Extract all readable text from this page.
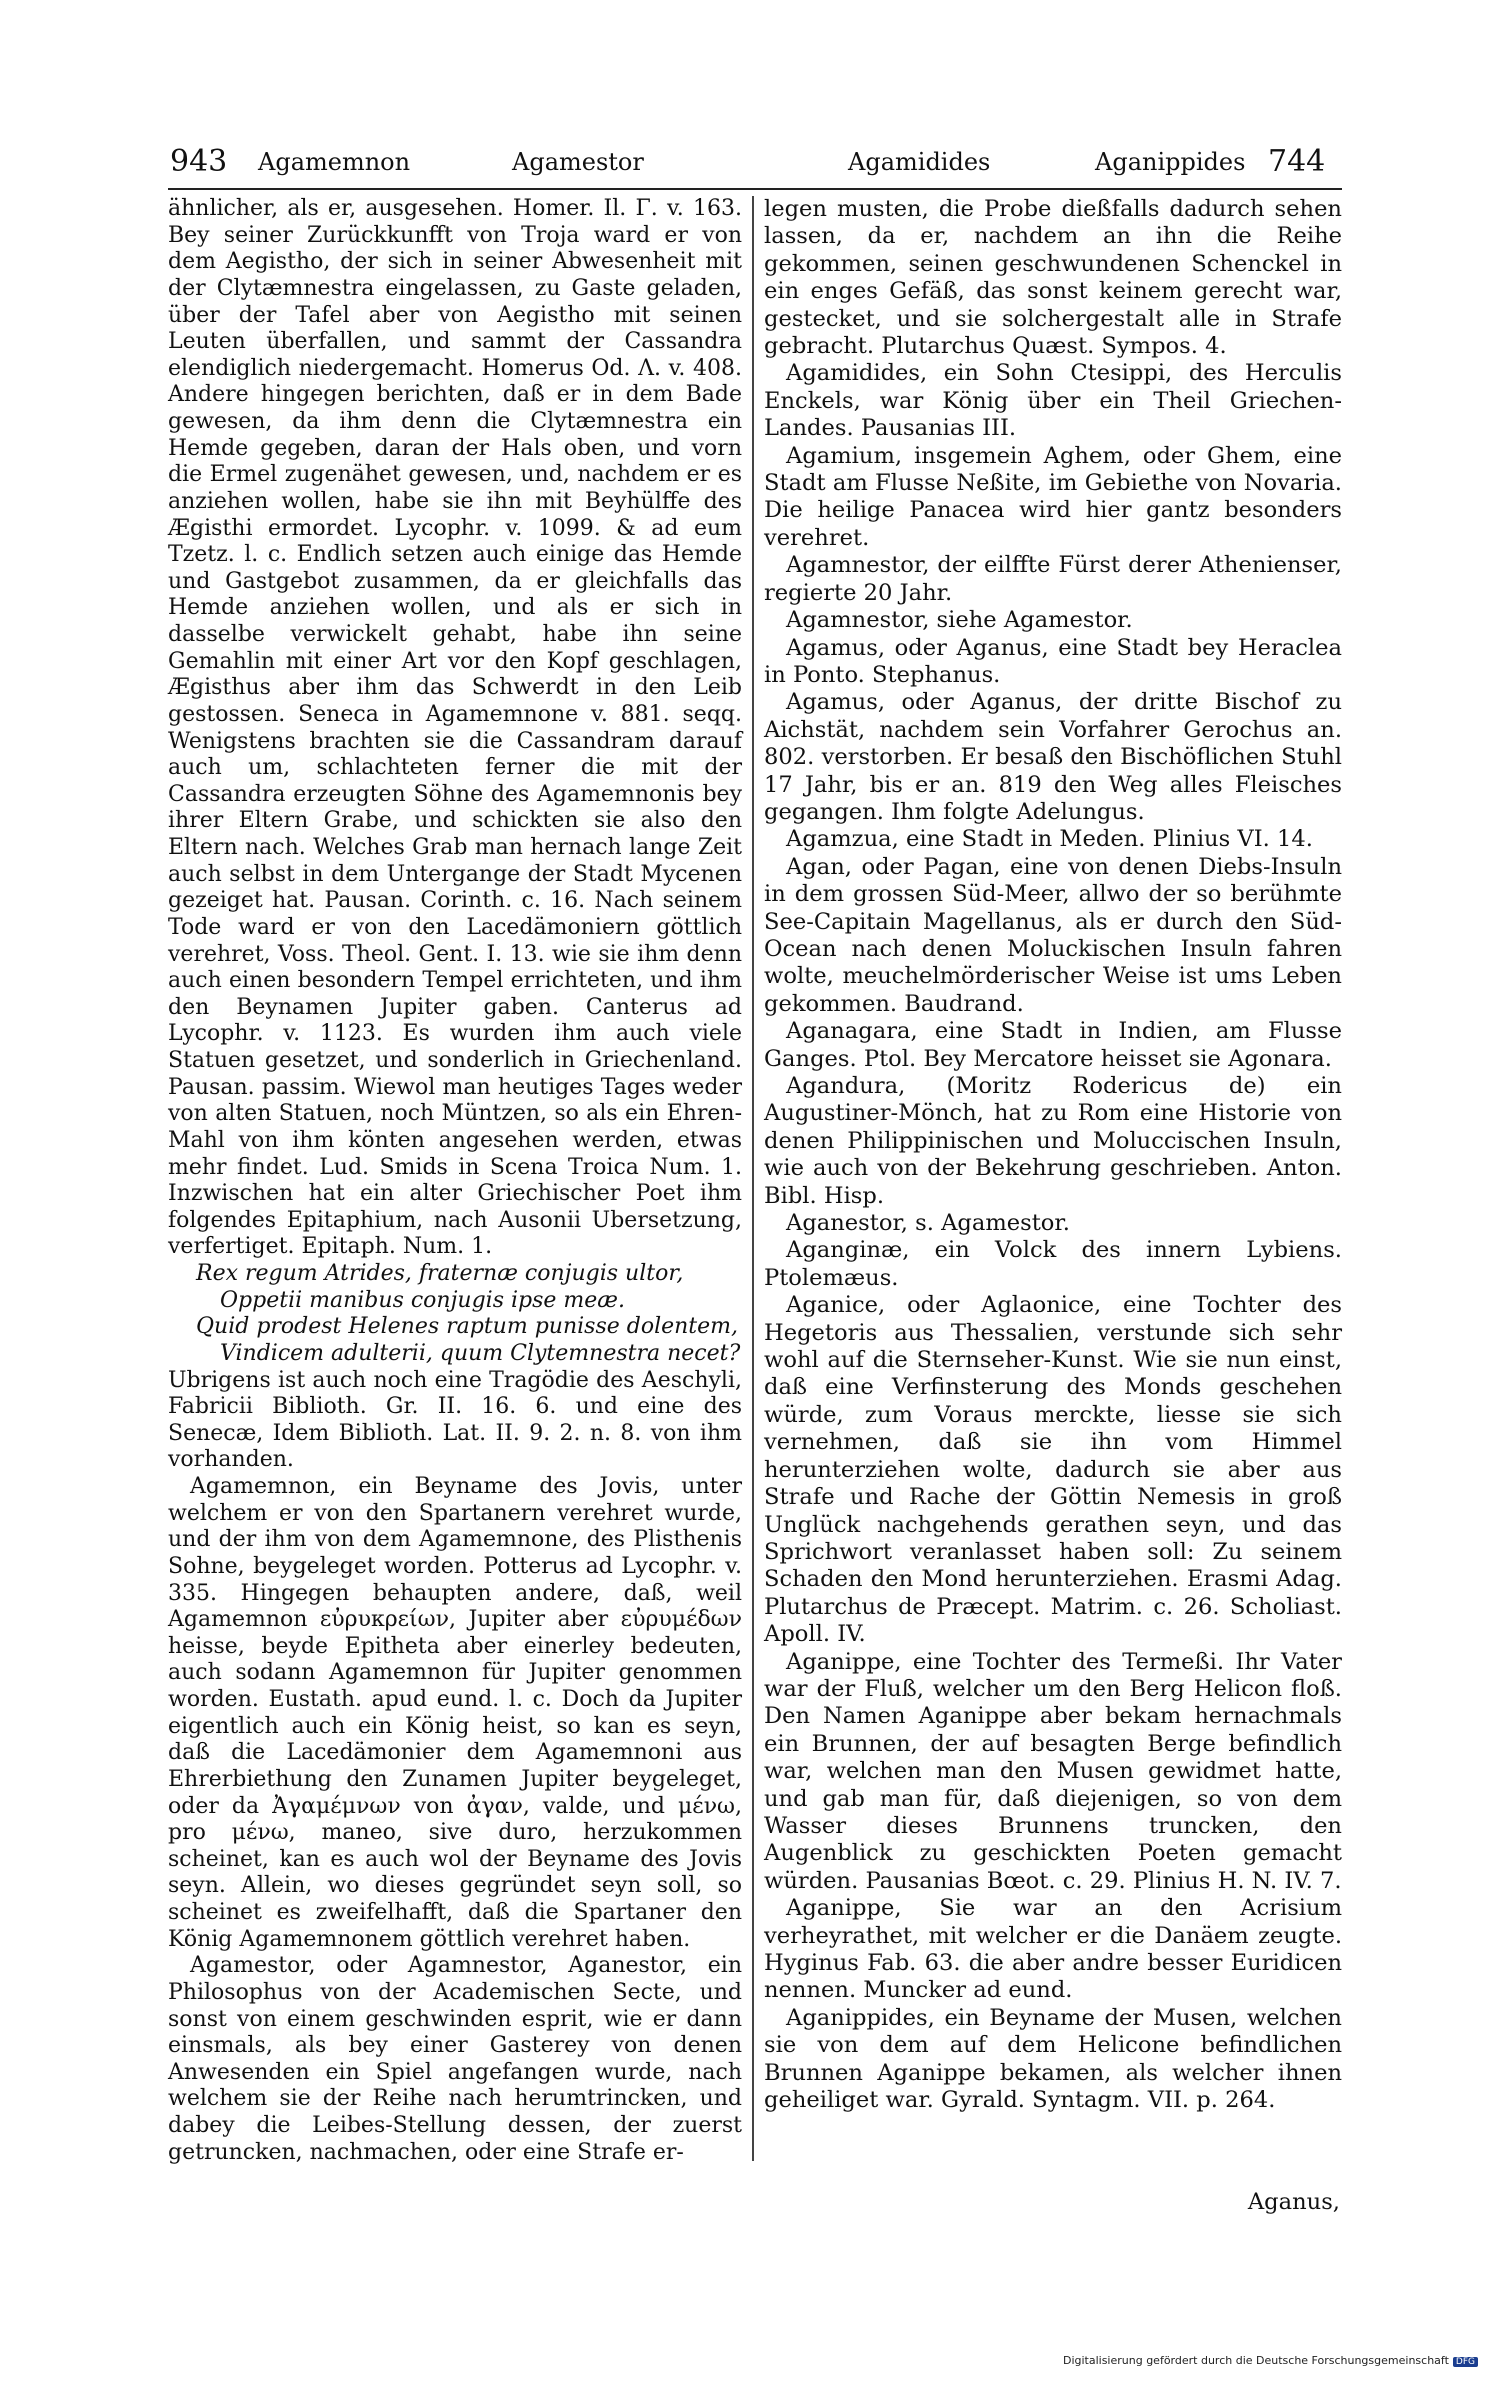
943 Agamemnon	Agamestor	Agamidides	Aganippides 744

ähnlicher, als er, ausgesehen. Homer. Il. Γ. v. 163. Bey seiner Zurückkunfft von Troja ward er von dem Aegistho, der sich in seiner Abwesenheit mit der Clytæmnestra eingelassen, zu Gaste geladen, über der Tafel aber von Aegistho mit seinen Leuten überfallen, und sammt der Cassandra elendiglich niedergemacht. Homerus Od. Λ. v. 408. Andere hingegen berichten, daß er in dem Bade gewesen, da ihm denn die Clytæmnestra ein Hemde gegeben, daran der Hals oben, und vorn die Ermel zugenähet gewesen, und, nachdem er es anziehen wollen, habe sie ihn mit Beyhülffe des Ægisthi ermordet. Lycophr. v. 1099. & ad eum Tzetz. l. c. Endlich setzen auch einige das Hemde und Gastgebot zusammen, da er gleichfalls das Hemde anziehen wollen, und als er sich in dasselbe verwickelt gehabt, habe ihn seine Gemahlin mit einer Art vor den Kopf geschlagen, Ægisthus aber ihm das Schwerdt in den Leib gestossen. Seneca in Agamemnone v. 881. seqq. Wenigstens brachten sie die Cassandram darauf auch um, schlachteten ferner die mit der Cassandra erzeugten Söhne des Agamemnonis bey ihrer Eltern Grabe, und schickten sie also den Eltern nach. Welches Grab man hernach lange Zeit auch selbst in dem Untergange der Stadt Mycenen gezeiget hat. Pausan. Corinth. c. 16. Nach seinem Tode ward er von den Lacedämoniern göttlich verehret, Voss. Theol. Gent. I. 13. wie sie ihm denn auch einen besondern Tempel errichteten, und ihm den Beynamen Jupiter gaben. Canterus ad Lycophr. v. 1123. Es wurden ihm auch viele Statuen gesetzet, und sonderlich in Griechenland. Pausan. passim. Wiewol man heutiges Tages weder von alten Statuen, noch Müntzen, so als ein Ehren-Mahl von ihm könten angesehen werden, etwas mehr findet. Lud. Smids in Scena Troica Num. 1. Inzwischen hat ein alter Griechischer Poet ihm folgendes Epitaphium, nach Ausonii Ubersetzung, verfertiget. Epitaph. Num. 1.

Rex regum Atrides, fraternæ conjugis ultor,

Oppetii manibus conjugis ipse meæ.

Quid prodest Helenes raptum punisse dolentem,

Vindicem adulterii, quum Clytemnestra necet?

Ubrigens ist auch noch eine Tragödie des Aeschyli, Fabricii Biblioth. Gr. II. 16. 6. und eine des Senecæ, Idem Biblioth. Lat. II. 9. 2. n. 8. von ihm vorhanden.

Agamemnon, ein Beyname des Jovis, unter welchem er von den Spartanern verehret wurde, und der ihm von dem Agamemnone, des Plisthenis Sohne, beygeleget worden. Potterus ad Lycophr. v. 335. Hingegen behaupten andere, daß, weil Agamemnon εὐρυκρείων, Jupiter aber εὐρυμέδων heisse, beyde Epitheta aber einerley bedeuten, auch sodann Agamemnon für Jupiter genommen worden. Eustath. apud eund. l. c. Doch da Jupiter eigentlich auch ein König heist, so kan es seyn, daß die Lacedämonier dem Agamemnoni aus Ehrerbiethung den Zunamen Jupiter beygeleget, oder da Ἀγαμέμνων von ἀγαν, valde, und μένω, pro μένω, maneo, sive duro, herzukommen scheinet, kan es auch wol der Beyname des Jovis seyn. Allein, wo dieses gegründet seyn soll, so scheinet es zweifelhafft, daß die Spartaner den König Agamemnonem göttlich verehret haben.

Agamestor, oder Agamnestor, Aganestor, ein Philosophus von der Academischen Secte, und sonst von einem geschwinden esprit, wie er dann einsmals, als bey einer Gasterey von denen Anwesenden ein Spiel angefangen wurde, nach welchem sie der Reihe nach herumtrincken, und dabey die Leibes-Stellung dessen, der zuerst getruncken, nachmachen, oder eine Strafe er-

legen musten, die Probe dießfalls dadurch sehen lassen, da er, nachdem an ihn die Reihe gekommen, seinen geschwundenen Schenckel in ein enges Gefäß, das sonst keinem gerecht war, gestecket, und sie solchergestalt alle in Strafe gebracht. Plutarchus Quæst. Sympos. 4.

Agamidides, ein Sohn Ctesippi, des Herculis Enckels, war König über ein Theil Griechen-Landes. Pausanias III.

Agamium, insgemein Aghem, oder Ghem, eine Stadt am Flusse Neßite, im Gebiethe von Novaria. Die heilige Panacea wird hier gantz besonders verehret.

Agamnestor, der eilffte Fürst derer Athenienser, regierte 20 Jahr.

Agamnestor, siehe Agamestor.

Agamus, oder Aganus, eine Stadt bey Heraclea in Ponto. Stephanus.

Agamus, oder Aganus, der dritte Bischof zu Aichstät, nachdem sein Vorfahrer Gerochus an. 802. verstorben. Er besaß den Bischöflichen Stuhl 17 Jahr, bis er an. 819 den Weg alles Fleisches gegangen. Ihm folgte Adelungus.

Agamzua, eine Stadt in Meden. Plinius VI. 14.

Agan, oder Pagan, eine von denen Diebs-Insuln in dem grossen Süd-Meer, allwo der so berühmte See-Capitain Magellanus, als er durch den Süd-Ocean nach denen Moluckischen Insuln fahren wolte, meuchelmörderischer Weise ist ums Leben gekommen. Baudrand.

Aganagara, eine Stadt in Indien, am Flusse Ganges. Ptol. Bey Mercatore heisset sie Agonara.

Agandura, (Moritz Rodericus de) ein Augustiner-Mönch, hat zu Rom eine Historie von denen Philippinischen und Moluccischen Insuln, wie auch von der Bekehrung geschrieben. Anton. Bibl. Hisp.

Aganestor, s. Agamestor.

Aganginæ, ein Volck des innern Lybiens. Ptolemæus.

Aganice, oder Aglaonice, eine Tochter des Hegetoris aus Thessalien, verstunde sich sehr wohl auf die Sternseher-Kunst. Wie sie nun einst, daß eine Verfinsterung des Monds geschehen würde, zum Voraus merckte, liesse sie sich vernehmen, daß sie ihn vom Himmel herunterziehen wolte, dadurch sie aber aus Strafe und Rache der Göttin Nemesis in groß Unglück nachgehends gerathen seyn, und das Sprichwort veranlasset haben soll: Zu seinem Schaden den Mond herunterziehen. Erasmi Adag. Plutarchus de Præcept. Matrim. c. 26. Scholiast. Apoll. IV.

Aganippe, eine Tochter des Termeßi. Ihr Vater war der Fluß, welcher um den Berg Helicon floß. Den Namen Aganippe aber bekam hernachmals ein Brunnen, der auf besagten Berge befindlich war, welchen man den Musen gewidmet hatte, und gab man für, daß diejenigen, so von dem Wasser dieses Brunnens truncken, den Augenblick zu geschickten Poeten gemacht würden. Pausanias Bœot. c. 29. Plinius H. N. IV. 7.

Aganippe, Sie war an den Acrisium verheyrathet, mit welcher er die Danäem zeugte. Hyginus Fab. 63. die aber andre besser Euridicen nennen. Muncker ad eund.

Aganippides, ein Beyname der Musen, welchen sie von dem auf dem Helicone befindlichen Brunnen Aganippe bekamen, als welcher ihnen geheiliget war. Gyrald. Syntagm. VII. p. 264.

Aganus,
Digitalisierung gefördert durch die Deutsche Forschungsgemeinschaft DFG
